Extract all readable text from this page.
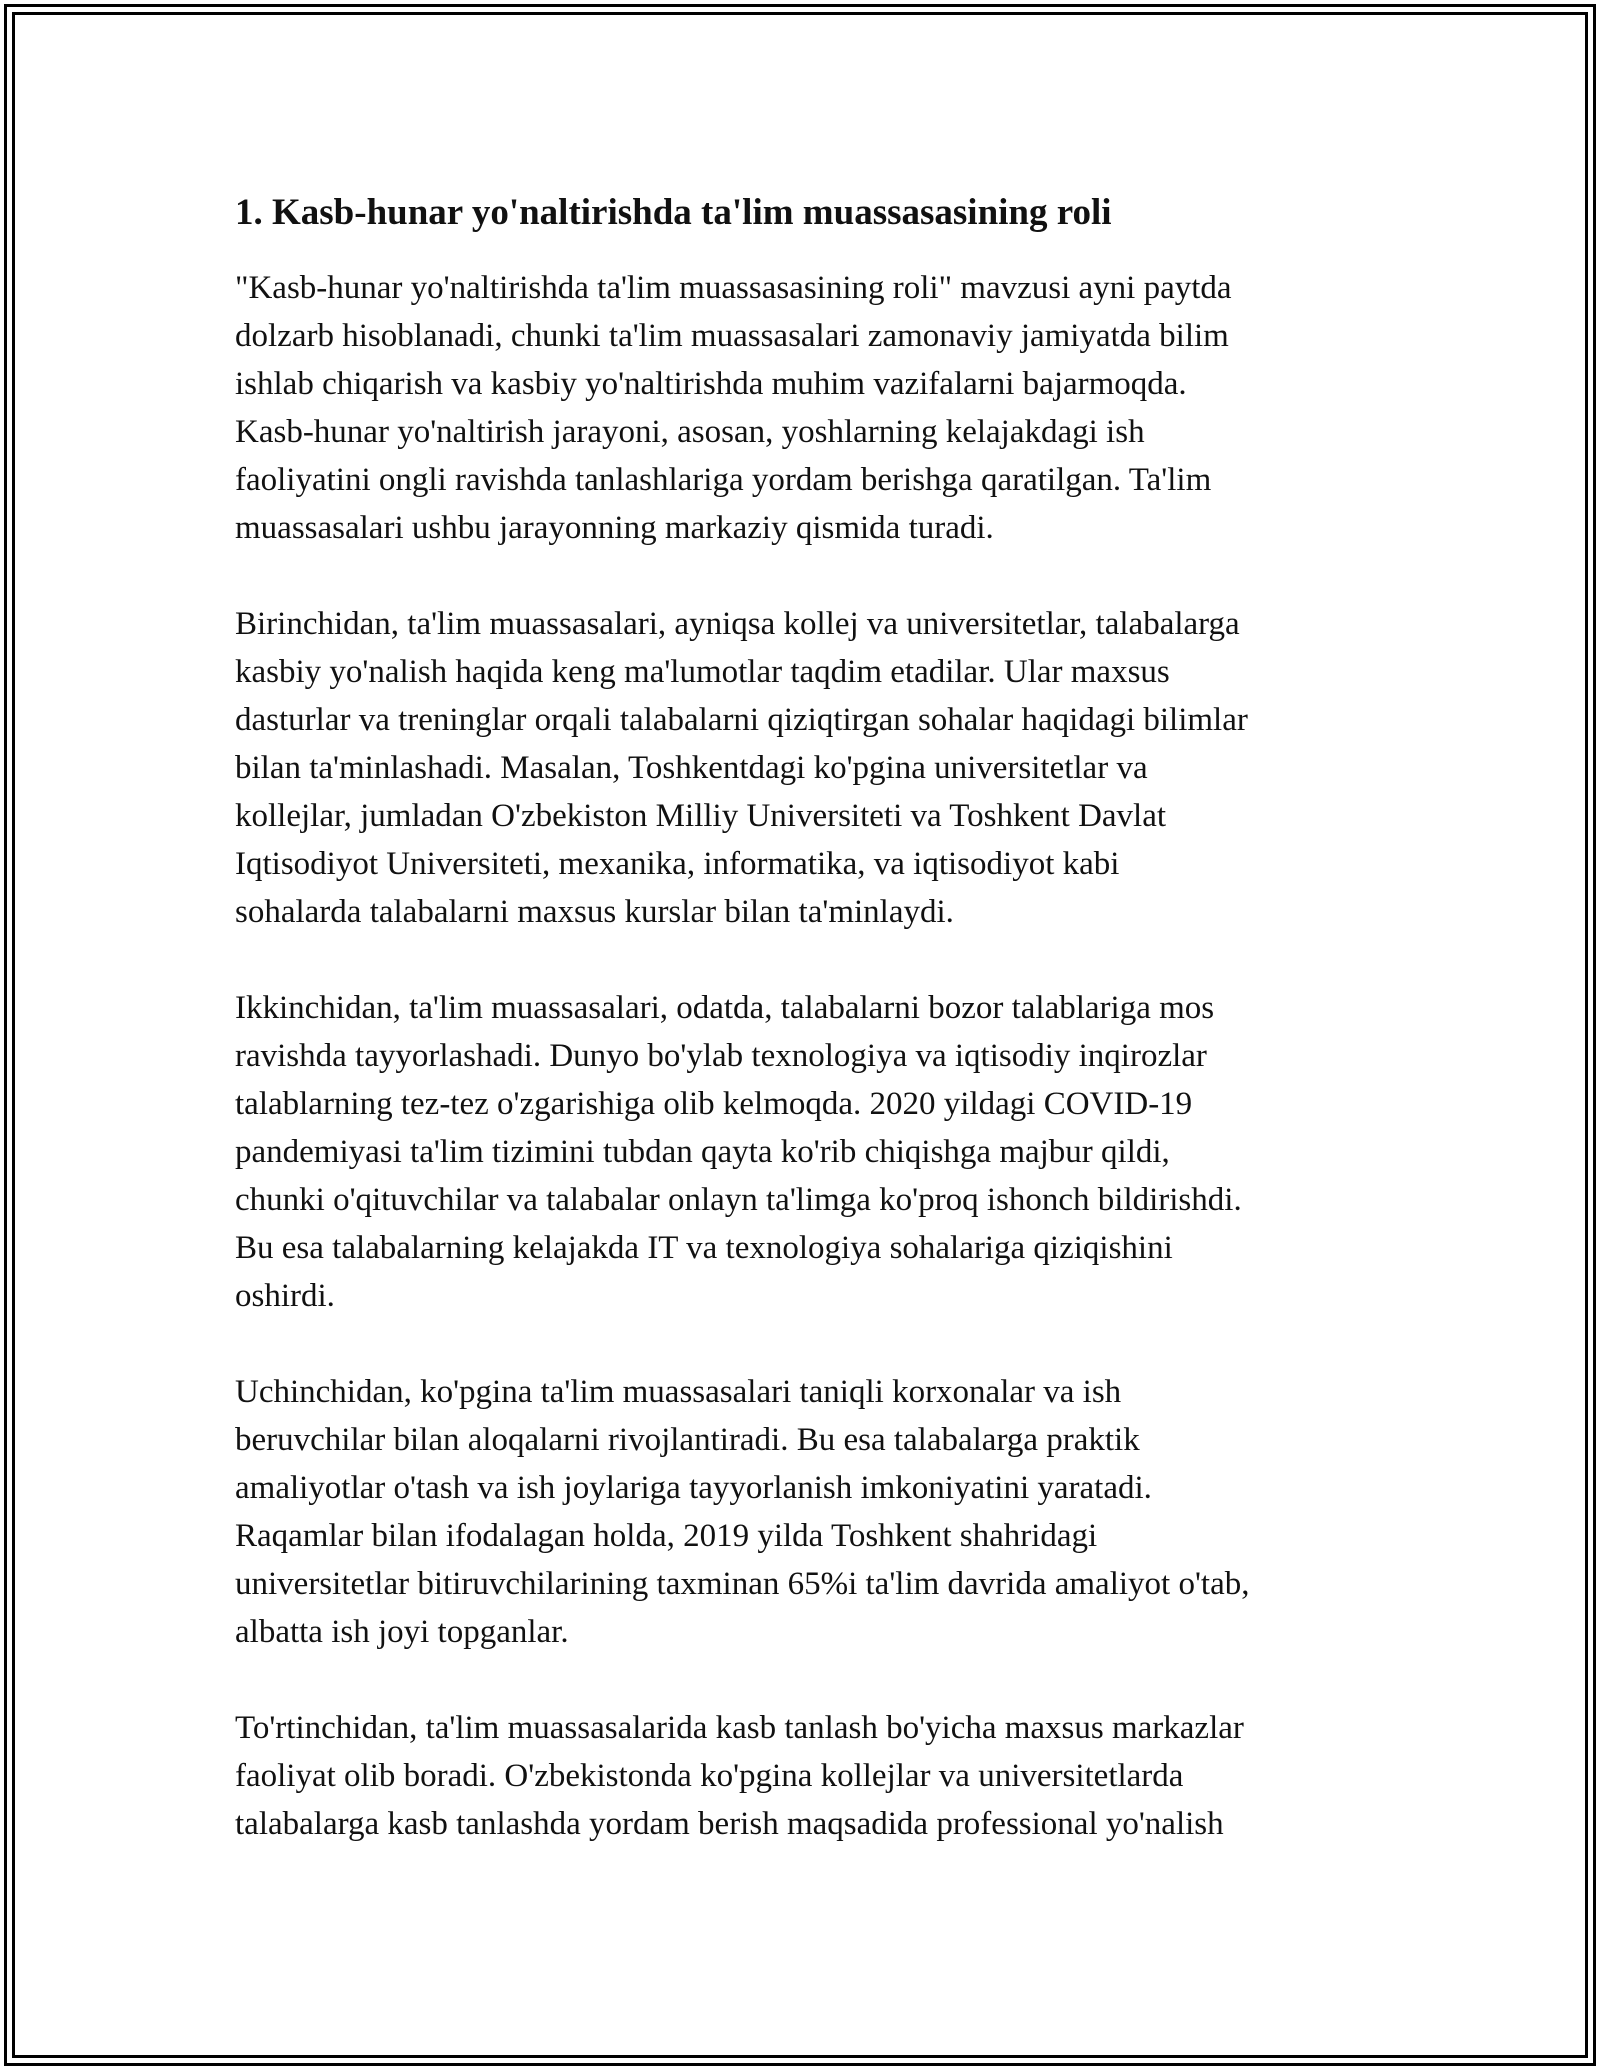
1. Kasb-hunar yo'naltirishda ta'lim muassasasining roli

"Kasb-hunar yo'naltirishda ta'lim muassasasining roli" mavzusi ayni paytda
dolzarb hisoblanadi, chunki ta'lim muassasalari zamonaviy jamiyatda bilim
ishlab chiqarish va kasbiy yo'naltirishda muhim vazifalarni bajarmoqda.
Kasb-hunar yo'naltirish jarayoni, asosan, yoshlarning kelajakdagi ish
faoliyatini ongli ravishda tanlashlariga yordam berishga qaratilgan. Ta'lim
muassasalari ushbu jarayonning markaziy qismida turadi.

Birinchidan, ta'lim muassasalari, ayniqsa kollej va universitetlar, talabalarga
kasbiy yo'nalish haqida keng ma'lumotlar taqdim etadilar. Ular maxsus
dasturlar va treninglar orqali talabalarni qiziqtirgan sohalar haqidagi bilimlar
bilan ta'minlashadi. Masalan, Toshkentdagi ko'pgina universitetlar va
kollejlar, jumladan O'zbekiston Milliy Universiteti va Toshkent Davlat
Iqtisodiyot Universiteti, mexanika, informatika, va iqtisodiyot kabi
sohalarda talabalarni maxsus kurslar bilan ta'minlaydi.

Ikkinchidan, ta'lim muassasalari, odatda, talabalarni bozor talablariga mos
ravishda tayyorlashadi. Dunyo bo'ylab texnologiya va iqtisodiy inqirozlar
talablarning tez-tez o'zgarishiga olib kelmoqda. 2020 yildagi COVID-19
pandemiyasi ta'lim tizimini tubdan qayta ko'rib chiqishga majbur qildi,
chunki o'qituvchilar va talabalar onlayn ta'limga ko'proq ishonch bildirishdi.
Bu esa talabalarning kelajakda IT va texnologiya sohalariga qiziqishini
oshirdi.

Uchinchidan, ko'pgina ta'lim muassasalari taniqli korxonalar va ish
beruvchilar bilan aloqalarni rivojlantiradi. Bu esa talabalarga praktik
amaliyotlar o'tash va ish joylariga tayyorlanish imkoniyatini yaratadi.
Raqamlar bilan ifodalagan holda, 2019 yilda Toshkent shahridagi
universitetlar bitiruvchilarining taxminan 65%i ta'lim davrida amaliyot o'tab,
albatta ish joyi topganlar.

To'rtinchidan, ta'lim muassasalarida kasb tanlash bo'yicha maxsus markazlar
faoliyat olib boradi. O'zbekistonda ko'pgina kollejlar va universitetlarda
talabalarga kasb tanlashda yordam berish maqsadida professional yo'nalish
